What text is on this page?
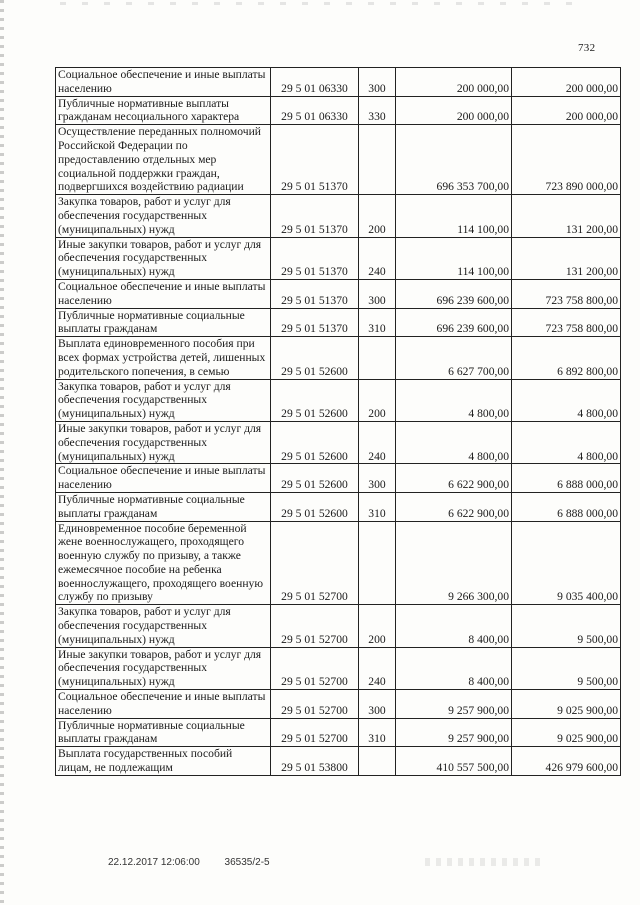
732
Социальное обеспечение и иные выплаты населению	29 5 01 06330	300	200 000,00	200 000,00
Публичные нормативные выплаты гражданам несоциального характера	29 5 01 06330	330	200 000,00	200 000,00
Осуществление переданных полномочий Российской Федерации по предоставлению отдельных мер социальной поддержки граждан, подвергшихся воздействию радиации	29 5 01 51370		696 353 700,00	723 890 000,00
Закупка товаров, работ и услуг для обеспечения государственных (муниципальных) нужд	29 5 01 51370	200	114 100,00	131 200,00
Иные закупки товаров, работ и услуг для обеспечения государственных (муниципальных) нужд	29 5 01 51370	240	114 100,00	131 200,00
Социальное обеспечение и иные выплаты населению	29 5 01 51370	300	696 239 600,00	723 758 800,00
Публичные нормативные социальные выплаты гражданам	29 5 01 51370	310	696 239 600,00	723 758 800,00
Выплата единовременного пособия при всех формах устройства детей, лишенных родительского попечения, в семью	29 5 01 52600		6 627 700,00	6 892 800,00
Закупка товаров, работ и услуг для обеспечения государственных (муниципальных) нужд	29 5 01 52600	200	4 800,00	4 800,00
Иные закупки товаров, работ и услуг для обеспечения государственных (муниципальных) нужд	29 5 01 52600	240	4 800,00	4 800,00
Социальное обеспечение и иные выплаты населению	29 5 01 52600	300	6 622 900,00	6 888 000,00
Публичные нормативные социальные выплаты гражданам	29 5 01 52600	310	6 622 900,00	6 888 000,00
Единовременное пособие беременной жене военнослужащего, проходящего военную службу по призыву, а также ежемесячное пособие на ребенка военнослужащего, проходящего военную службу по призыву	29 5 01 52700		9 266 300,00	9 035 400,00
Закупка товаров, работ и услуг для обеспечения государственных (муниципальных) нужд	29 5 01 52700	200	8 400,00	9 500,00
Иные закупки товаров, работ и услуг для обеспечения государственных (муниципальных) нужд	29 5 01 52700	240	8 400,00	9 500,00
Социальное обеспечение и иные выплаты населению	29 5 01 52700	300	9 257 900,00	9 025 900,00
Публичные нормативные социальные выплаты гражданам	29 5 01 52700	310	9 257 900,00	9 025 900,00
Выплата государственных пособий лицам, не подлежащим	29 5 01 53800		410 557 500,00	426 979 600,00
22.12.2017 12:06:00 36535/2-5
